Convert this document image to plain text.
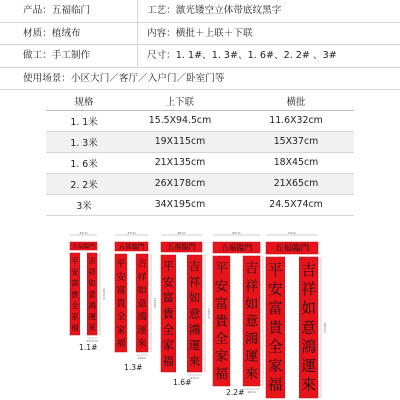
产品：五福临门	工艺：激光镂空立体带底纹黑字
材质：植绒布	内容：横批＋上联＋下联
做工：手工制作	尺寸：1. 1#、1. 3#、1. 6#、2. 2# 、3#
使用场景：小区大门／客厅／入户门／卧室门等
规格	上下联	横批
1. 1米	15.5X94.5cm	11.6X32cm
1. 3米	19X115cm	15X37cm
1. 6米	21X135cm	18X45cm
2. 2米	26X178cm	21X65cm
3米	34X195cm	24.5X74cm
32cm
五福臨門
平
安
富
貴
全
家
福
吉
祥
如
意
鴻
運
來
94.5cm
15.5cm
37cm
五福臨門
平
安
富
貴
全
家
福
吉
祥
如
意
鴻
運
來
115cm
19cm
45cm
五福臨門
平
安
富
貴
全
家
福
吉
祥
如
意
鴻
運
來
135cm
21cm
65cm
五福臨門
平
安
富
貴
全
家
福
吉
祥
如
意
鴻
運
來
26cm
74cm
五福臨門
平
安
富
貴
全
家
福
吉
祥
如
意
鴻
運
來
195cm
1.1#
1.3#
1.6#
2.2#
